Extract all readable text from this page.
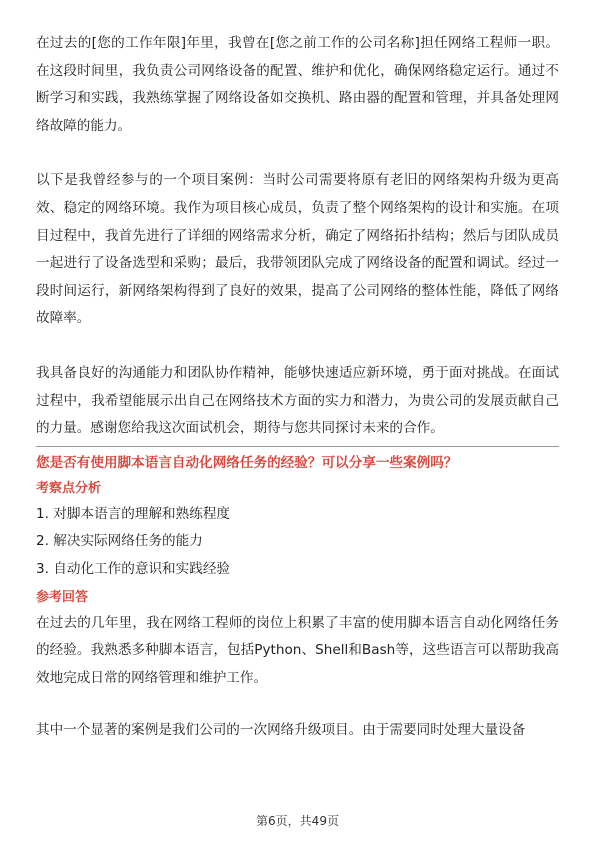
在过去的[您的工作年限]年里，我曾在[您之前工作的公司名称]担任网络工程师一职。在这段时间里，我负责公司网络设备的配置、维护和优化，确保网络稳定运行。通过不断学习和实践，我熟练掌握了网络设备如交换机、路由器的配置和管理，并具备处理网络故障的能力。

以下是我曾经参与的一个项目案例：当时公司需要将原有老旧的网络架构升级为更高效、稳定的网络环境。我作为项目核心成员，负责了整个网络架构的设计和实施。在项目过程中，我首先进行了详细的网络需求分析，确定了网络拓扑结构；然后与团队成员一起进行了设备选型和采购；最后，我带领团队完成了网络设备的配置和调试。经过一段时间运行，新网络架构得到了良好的效果，提高了公司网络的整体性能，降低了网络故障率。

我具备良好的沟通能力和团队协作精神，能够快速适应新环境，勇于面对挑战。在面试过程中，我希望能展示出自己在网络技术方面的实力和潜力，为贵公司的发展贡献自己的力量。感谢您给我这次面试机会，期待与您共同探讨未来的合作。

您是否有使用脚本语言自动化网络任务的经验？可以分享一些案例吗？

考察点分析

1. 对脚本语言的理解和熟练程度
2. 解决实际网络任务的能力
3. 自动化工作的意识和实践经验

参考回答

在过去的几年里，我在网络工程师的岗位上积累了丰富的使用脚本语言自动化网络任务的经验。我熟悉多种脚本语言，包括Python、Shell和Bash等，这些语言可以帮助我高效地完成日常的网络管理和维护工作。

其中一个显著的案例是我们公司的一次网络升级项目。由于需要同时处理大量设备

第6页，共49页
